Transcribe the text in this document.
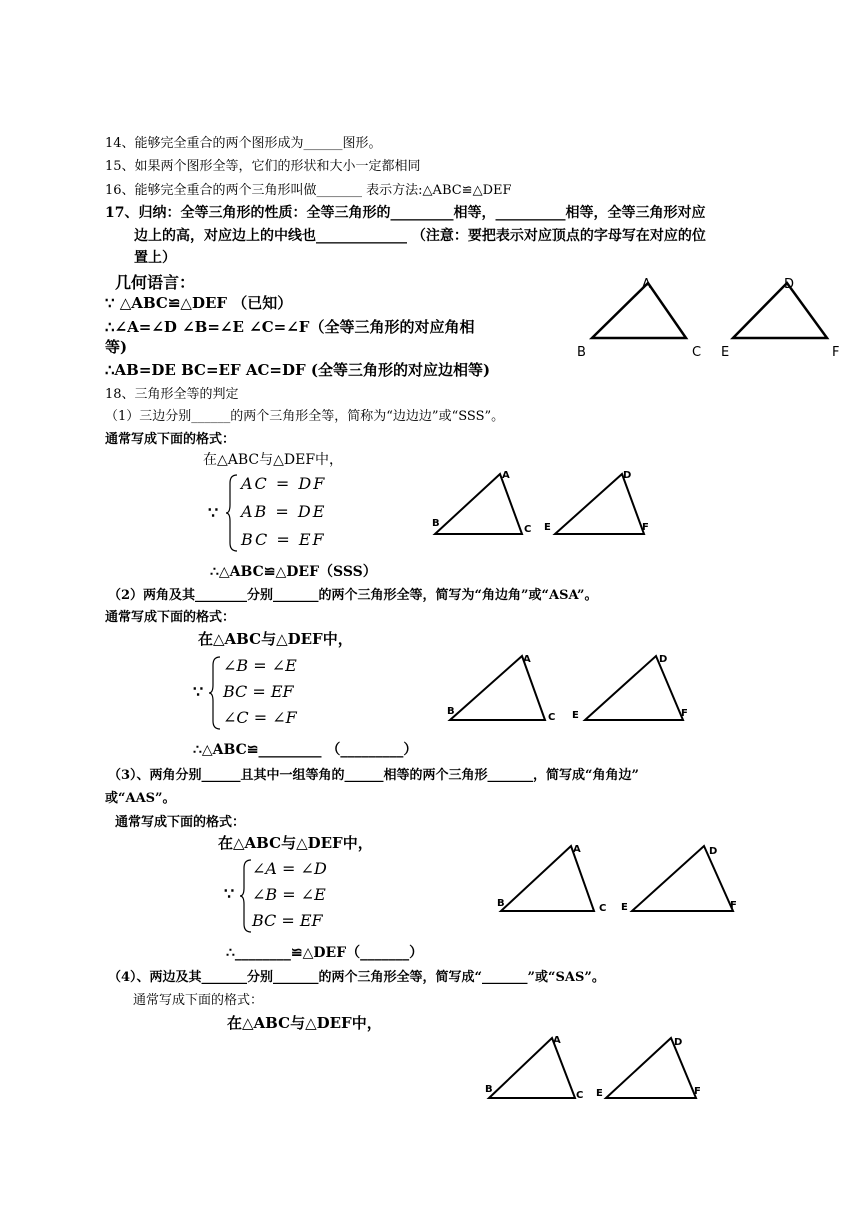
14、能够完全重合的两个图形成为______图形。
15、如果两个图形全等，它们的形状和大小一定都相同
16、能够完全重合的两个三角形叫做_______ 表示方法:△ABC≌△DEF
17、归纳：全等三角形的性质：全等三角形的_________相等，__________相等，全等三角形对应
边上的高，对应边上的中线也_____________ （注意：要把表示对应顶点的字母写在对应的位
置上）
几何语言：
∵ △ABC≌△DEF （已知）
∴∠A=∠D ∠B=∠E ∠C=∠F（全等三角形的对应角相
等)
∴AB=DE BC=EF AC=DF (全等三角形的对应边相等)
A
B	C
D
E	F
18、三角形全等的判定
（1）三边分别______的两个三角形全等，简称为“边边边”或“SSS”。
通常写成下面的格式：
在△ABC与△DEF中，
∵
AC = DF
AB = DE
BC = EF
∴△ABC≌△DEF（SSS）
A
B
C
D
E	F
（2）两角及其________分别_______的两个三角形全等，简写为“角边角”或“ASA”。
通常写成下面的格式：
在△ABC与△DEF中，
∵
∠B = ∠E
BC = EF
∠C = ∠F
∴△ABC≌_________ （_________）
A
B
C
D
E	F
（3）、两角分别______且其中一组等角的______相等的两个三角形_______，简写成“角角边”
或“AAS”。
通常写成下面的格式：
在△ABC与△DEF中，
∵
∠A = ∠D
∠B = ∠E
BC = EF
∴________≌△DEF（_______）
A
B	C
D
E	F
（4）、两边及其_______分别_______的两个三角形全等，简写成“_______”或“SAS”。
通常写成下面的格式：
在△ABC与△DEF中，
A
B
C
D
E	F
